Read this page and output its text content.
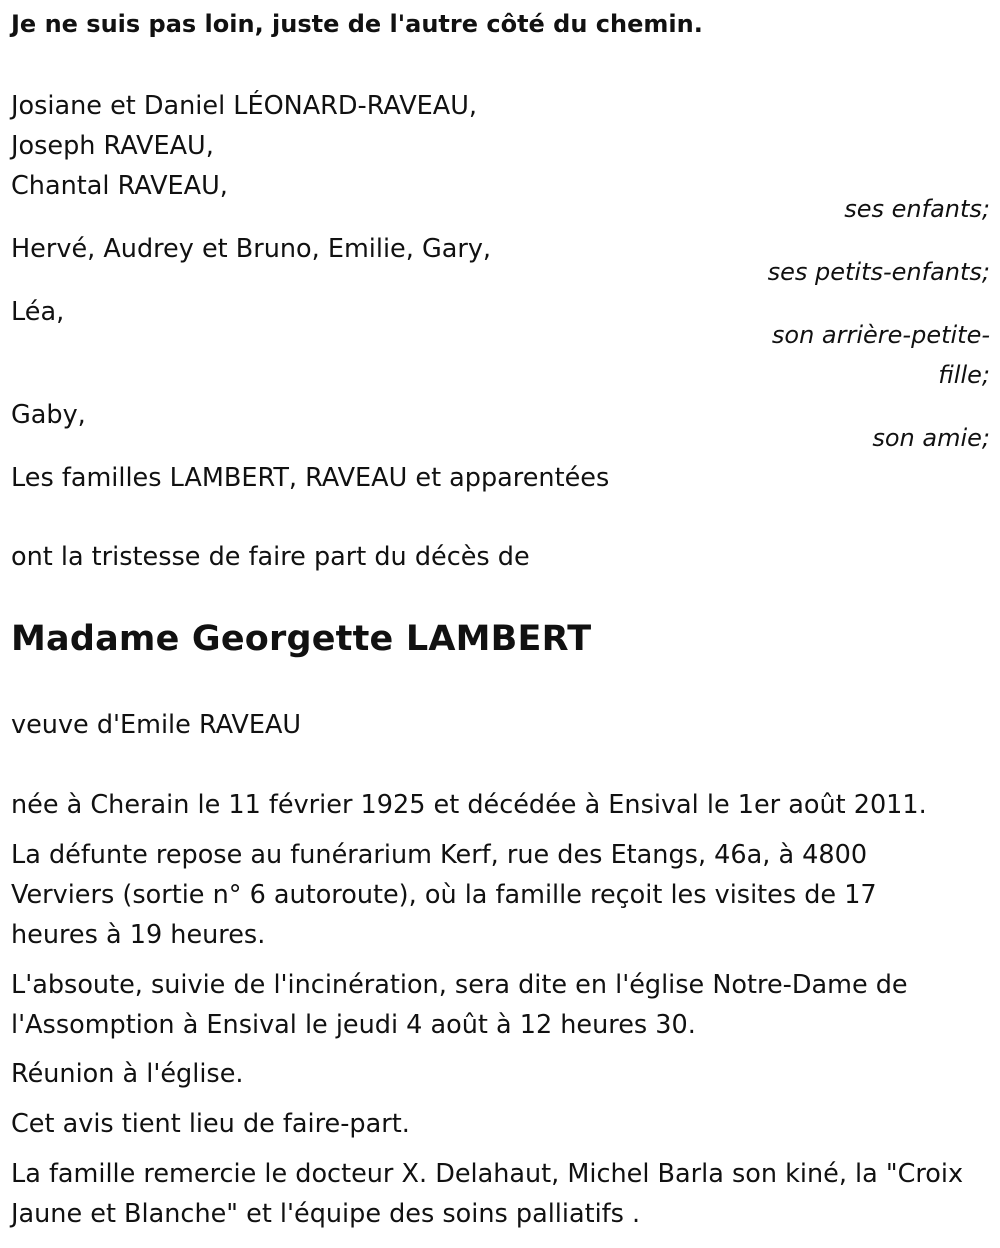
Je ne suis pas loin, juste de l'autre côté du chemin.

Josiane et Daniel LÉONARD-RAVEAU,

Joseph RAVEAU,

Chantal RAVEAU,

ses enfants;

Hervé, Audrey et Bruno, Emilie, Gary,

ses petits-enfants;

Léa,

son arrière-petite-

fille;

Gaby,

son amie;

Les familles LAMBERT, RAVEAU et apparentées

ont la tristesse de faire part du décès de

Madame Georgette LAMBERT

veuve d'Emile RAVEAU

née à Cherain le 11 février 1925 et décédée à Ensival le 1er août 2011.

La défunte repose au funérarium Kerf, rue des Etangs, 46a, à 4800 Verviers (sortie n° 6 autoroute), où la famille reçoit les visites de 17 heures à 19 heures.

L'absoute, suivie de l'incinération, sera dite en l'église Notre-Dame de l'Assomption à Ensival le jeudi 4 août à 12 heures 30.

Réunion à l'église.

Cet avis tient lieu de faire-part.

La famille remercie le docteur X. Delahaut, Michel Barla son kiné, la "Croix Jaune et Blanche" et l'équipe des soins palliatifs .
